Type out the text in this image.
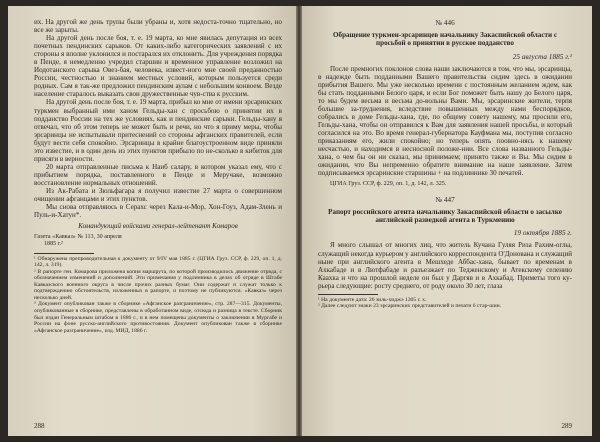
их. На другой же день трупы были убраны и, хотя недоста-точно тщательно, но все же зарыты.

На другой день после боя, т. е. 19 марта, ко мне явилась депутация из всех почетных пендинских сарыков. От каких-либо категорических заявлений с их стороны я вполне уклонился и постарался их отклонить. Для учреждения порядка в Пенде, я немедленно учредил старшин и временное управление возложил на Иодотанского сарыка Овез-бая, человека, извест-ного мне своей преданностью России, честностью и знанием местных условий, которым пользуется среди родных. Сам я так-же предложил пендинским аулам с небольшим конвоем. Везде население старалось выказать свои дружественные чув-ства к русским.

На другой день после боя, т. е. 19 марта, прибыл ко мне от имени эрсаринских туркмен выбранный ими ханом Гельды-хан с просьбою о принятии их в подданство России на тех же условиях, как и пендинские сарыки. Гельды-хану я отвечал, что об этом теперь не может быть и речи, но что я приму меры, чтобы эрсаринцы не испытывали притеснений со стороны афганских правителей, если будут вести себя спокойно. Эрсаринцы в крайне благоустроенном виде приняли это известие, и в один день из этих пунктов прибыло по не-сколько в кибиток для присяги в верности.

20 марта отправленные письма к Наиб салару, в котором указал ему, что с прибытием порядка, поставленного в Пенде и Меручаке, возможно восстановление нормальных отношений.

Из Ак-Рабата и Зюльфагара я получил известие 27 марта о совершенном очищении афганцами и этих пунктов.

Мы снова отправляюсь в Серахс через Кала-и-Мор, Хон-Гоуз, Адам-Злень и Пуль-и-Хатун*.

Командующий войсками генерал-лейтенант Комаров

Газета «Кавказ» № 113, 30 апреля
1885 г.²

¹ Обнаружена препроводительная к документу от 9/IV мая 1885 г. (ЦГИА Груз. ССР, ф. 229, оп. 1, д. 142, л. 319).

² В рапорте ген. Комарова приложена копия маршрута, по которой производилось движение отряда, с обозначением изменений и дополнений. Эти примечания у подлинника в делах об отряде в Штабе Кавказского военного округа в числе прочих разных бумаг. Они содержат и служат только к подтверждению обстоятельств, изложенных в рапорте, и поэтому не публикуются. «Кавказ» через несколько дней.

³ Документ опубликован также в сборнике «Афганское разграничение», стр. 287—315. Документы, опубликованные в сборнике, представлены в обработанном виде, отсюда и разница в тексте. Сборник был издан Генеральным штабом в 1886 г., и в нем помещены документы о заключении в Мургабе и России на фоне русско-английского противостояния. Документ опубликован также в сборнике «Афганское разграничение», изд. МИД, 1886 г.

288
№ 446
Обращение туркмен-эрсаринцев начальнику Закаспийской области с просьбой о принятии в русское подданство
25 августа 1885 г.¹

После премногих поклонов слова наши заключаются в том, что мы, эрсаринцы, в надежде быть подданными Вашего правительства сидим здесь в ожидании прибытия Вашего. Мы уже несколько времени с постоянным желанием ждем, как бы стать подданными Белого царя, и если Бог поможет быть нашу до Белого царя, то мы будем весьма и весьма до-вольны Вами. Мы, эрсаринские жители, терпя большие за-труднения, вследствие повышенных между нами беспорядков, собрались в доме Гельды-хана, где, по общему совету нашему, мы просили его, Гельды-хана, чтобы он отправился к Вам для заявления нашей просьбы, и который согласился на это. Во время генерал-губернатора Кауфмана мы, поступив согласно приказаниям его, жили спокойно; но теперь опять поовно-нясь к нашему несчастью, и находимся в несносной положе-нии. Все слова названного Гельды-хана, о чем бы он ни сказал, мы принимаем; принято также и Вы. Мы сидим в ожидании, что Вы непременно обратите внимание на наше заявление. Затем подписываемся эрсаринские старшины + на подлиннике 30 печатей.

ЦГИА Груз. ССР, ф. 229, оп. 1, д. 142, л. 325.

№ 447
Рапорт российского агента начальнику Закаспийской области о засылке английской разведкой агента в Туркмению
19 октября 1885 г.

Я много слышал от многих лиц, что житель Кучана Гуляя Риза Рахим-оглы, служащий некогда курьером у английского корреспондента О'Донована и служащий ныне при английского агента в Мешхеде Аббас-хана, бывает по временам в Ахкабаде и в Лютфабаде и разъезжает по Тедженскому и Атекскому селению Каахка и что на прошлой неделе он был у Даргяв и в Ахкабад. Приметы того ку-рьера следующие: росту среднего, от роду около 30 лет, глаза

¹ На документе дата: 26 зиль-хиджэ 1305 г. х.

² Далее следуют знаки 23 эрсаринских представителей и печати 6 стар-шин.

289
